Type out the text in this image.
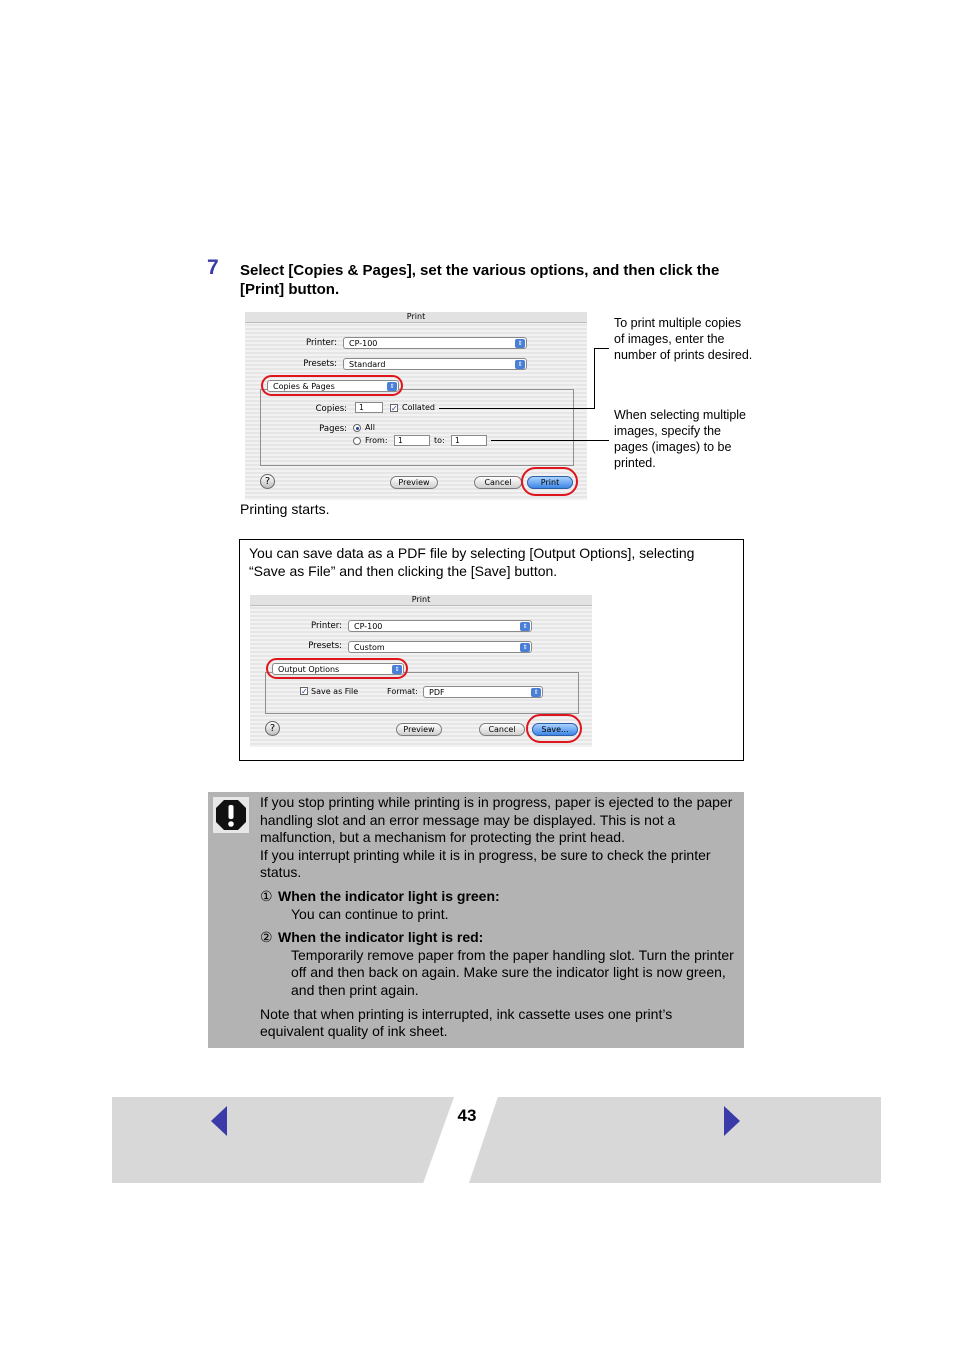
7 Select [Copies & Pages], set the various options, and then click the [Print] button.
Print
Printer:	CP-100	⇕
Presets:	Standard	⇕
Copies & Pages	⇕
Copies:	1	✓ Collated
Pages: All
From:	1	to:	1
?	Preview	Cancel	Print
To print multiple copies of images, enter the number of prints desired.
When selecting multiple images, specify the pages (images) to be printed.
Printing starts.
You can save data as a PDF file by selecting [Output Options], selecting “Save as File” and then clicking the [Save] button.
Print
Printer:	CP-100	⇕
Presets:	Custom	⇕
Output Options	⇕
✓ Save as File	Format:	PDF	⇕
?	Preview	Cancel	Save...
If you stop printing while printing is in progress, paper is ejected to the paper handling slot and an error message may be displayed. This is not a malfunction, but a mechanism for protecting the print head.
If you interrupt printing while it is in progress, be sure to check the printer status.
① When the indicator light is green:
You can continue to print.
② When the indicator light is red:
Temporarily remove paper from the paper handling slot. Turn the printer off and then back on again. Make sure the indicator light is now green, and then print again.
Note that when printing is interrupted, ink cassette uses one print’s equivalent quality of ink sheet.
43
